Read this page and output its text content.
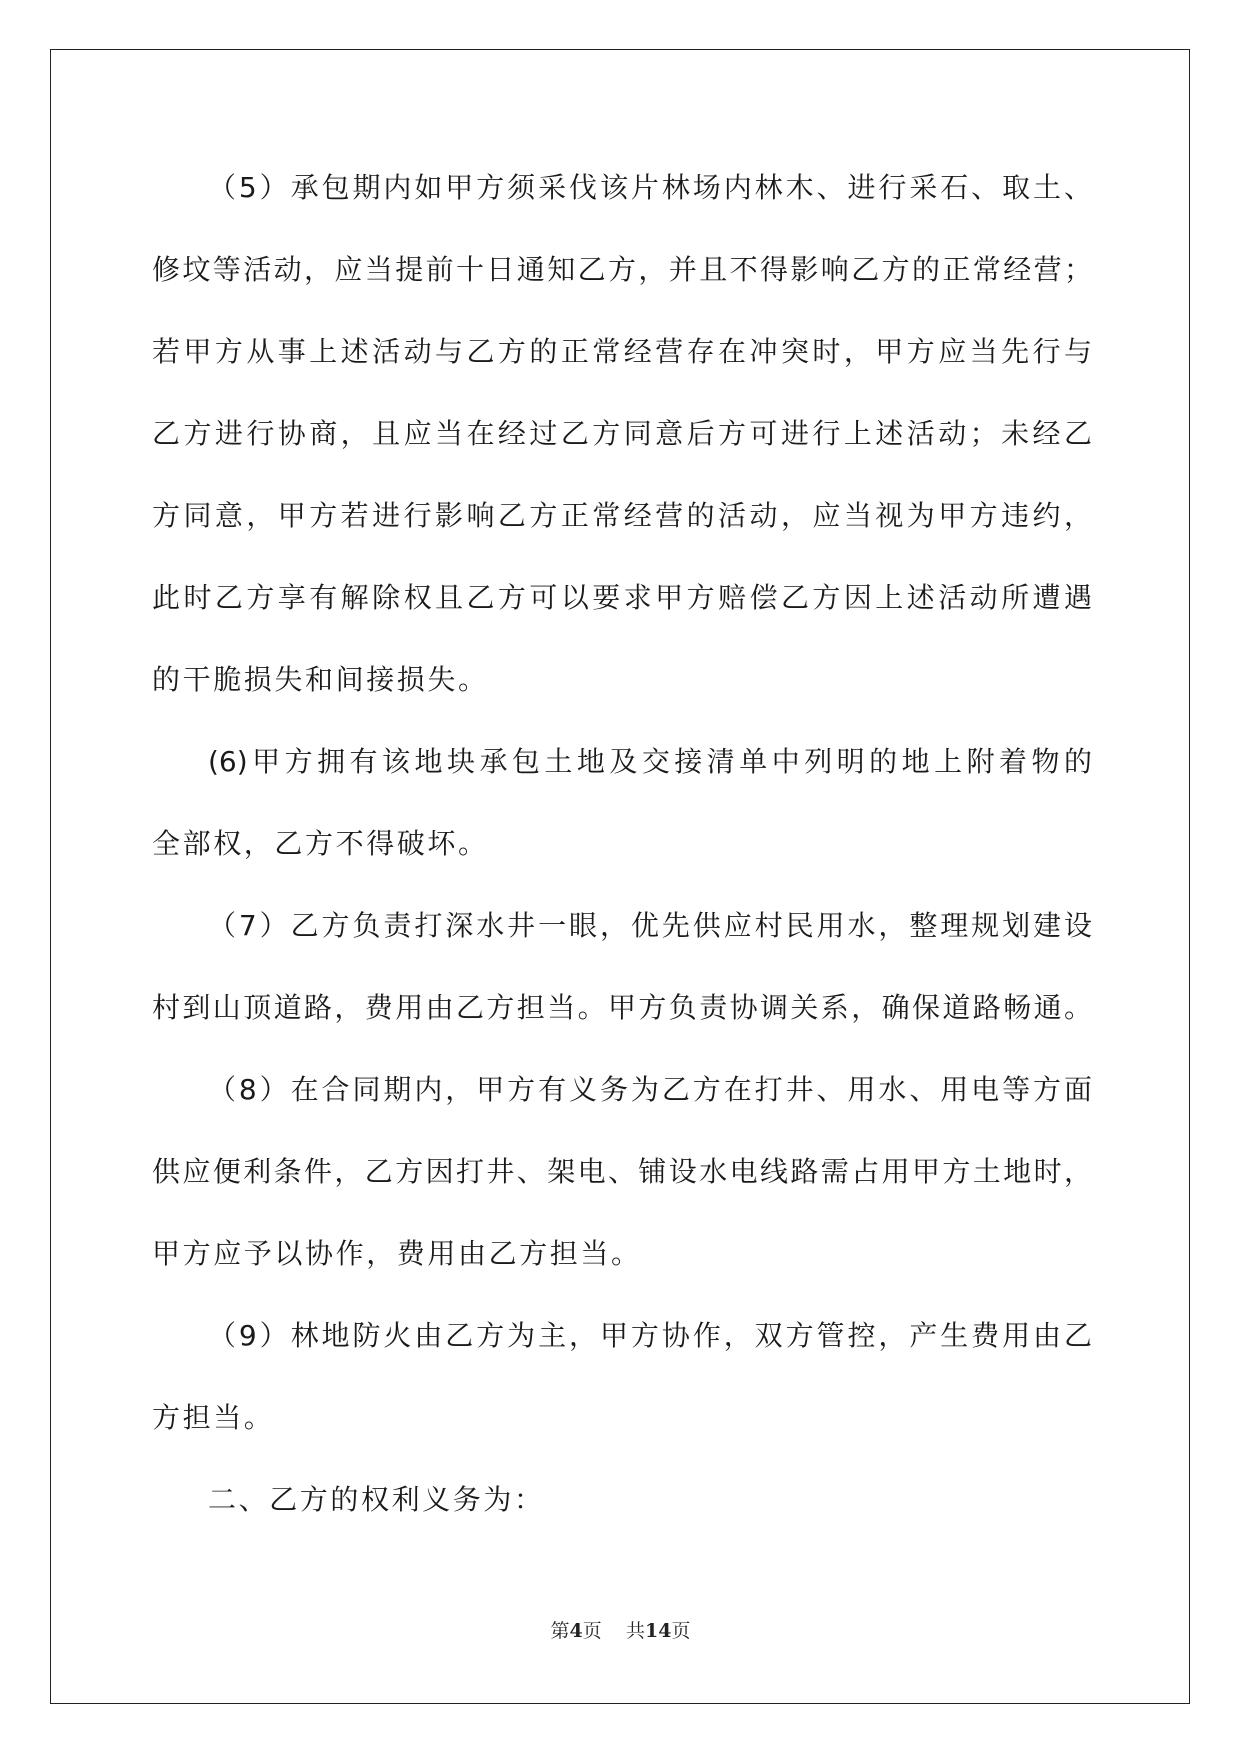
（5）承包期内如甲方须采伐该片林场内林木、进行采石、取土、
修坟等活动，应当提前十日通知乙方，并且不得影响乙方的正常经营；
若甲方从事上述活动与乙方的正常经营存在冲突时，甲方应当先行与
乙方进行协商，且应当在经过乙方同意后方可进行上述活动；未经乙
方同意，甲方若进行影响乙方正常经营的活动，应当视为甲方违约，
此时乙方享有解除权且乙方可以要求甲方赔偿乙方因上述活动所遭遇
的干脆损失和间接损失。
(6)甲方拥有该地块承包土地及交接清单中列明的地上附着物的
全部权，乙方不得破坏。
（7）乙方负责打深水井一眼，优先供应村民用水，整理规划建设
村到山顶道路，费用由乙方担当。甲方负责协调关系，确保道路畅通。
（8）在合同期内，甲方有义务为乙方在打井、用水、用电等方面
供应便利条件，乙方因打井、架电、铺设水电线路需占用甲方土地时，
甲方应予以协作，费用由乙方担当。
（9）林地防火由乙方为主，甲方协作，双方管控，产生费用由乙
方担当。
二、乙方的权利义务为：
第4页 共14页
